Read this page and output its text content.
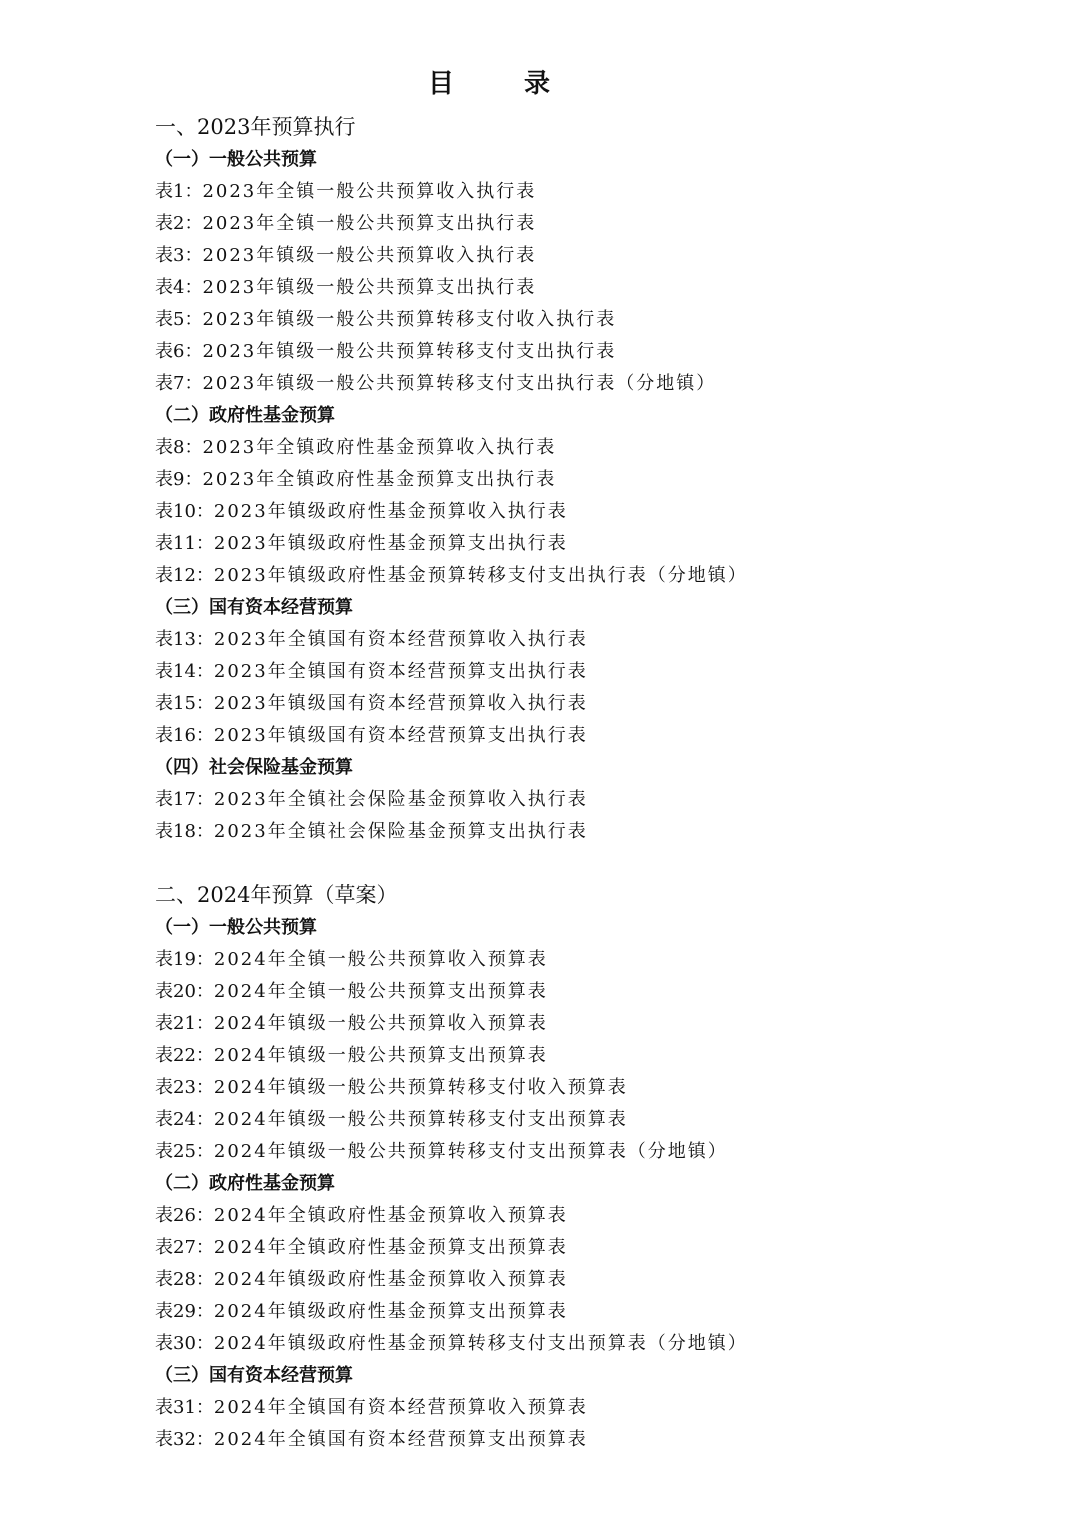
目　录
一、2023年预算执行
（一）一般公共预算
表1：2023年全镇一般公共预算收入执行表
表2：2023年全镇一般公共预算支出执行表
表3：2023年镇级一般公共预算收入执行表
表4：2023年镇级一般公共预算支出执行表
表5：2023年镇级一般公共预算转移支付收入执行表
表6：2023年镇级一般公共预算转移支付支出执行表
表7：2023年镇级一般公共预算转移支付支出执行表（分地镇）
（二）政府性基金预算
表8：2023年全镇政府性基金预算收入执行表
表9：2023年全镇政府性基金预算支出执行表
表10：2023年镇级政府性基金预算收入执行表
表11：2023年镇级政府性基金预算支出执行表
表12：2023年镇级政府性基金预算转移支付支出执行表（分地镇）
（三）国有资本经营预算
表13：2023年全镇国有资本经营预算收入执行表
表14：2023年全镇国有资本经营预算支出执行表
表15：2023年镇级国有资本经营预算收入执行表
表16：2023年镇级国有资本经营预算支出执行表
（四）社会保险基金预算
表17：2023年全镇社会保险基金预算收入执行表
表18：2023年全镇社会保险基金预算支出执行表
二、2024年预算（草案）
（一）一般公共预算
表19：2024年全镇一般公共预算收入预算表
表20：2024年全镇一般公共预算支出预算表
表21：2024年镇级一般公共预算收入预算表
表22：2024年镇级一般公共预算支出预算表
表23：2024年镇级一般公共预算转移支付收入预算表
表24：2024年镇级一般公共预算转移支付支出预算表
表25：2024年镇级一般公共预算转移支付支出预算表（分地镇）
（二）政府性基金预算
表26：2024年全镇政府性基金预算收入预算表
表27：2024年全镇政府性基金预算支出预算表
表28：2024年镇级政府性基金预算收入预算表
表29：2024年镇级政府性基金预算支出预算表
表30：2024年镇级政府性基金预算转移支付支出预算表（分地镇）
（三）国有资本经营预算
表31：2024年全镇国有资本经营预算收入预算表
表32：2024年全镇国有资本经营预算支出预算表
